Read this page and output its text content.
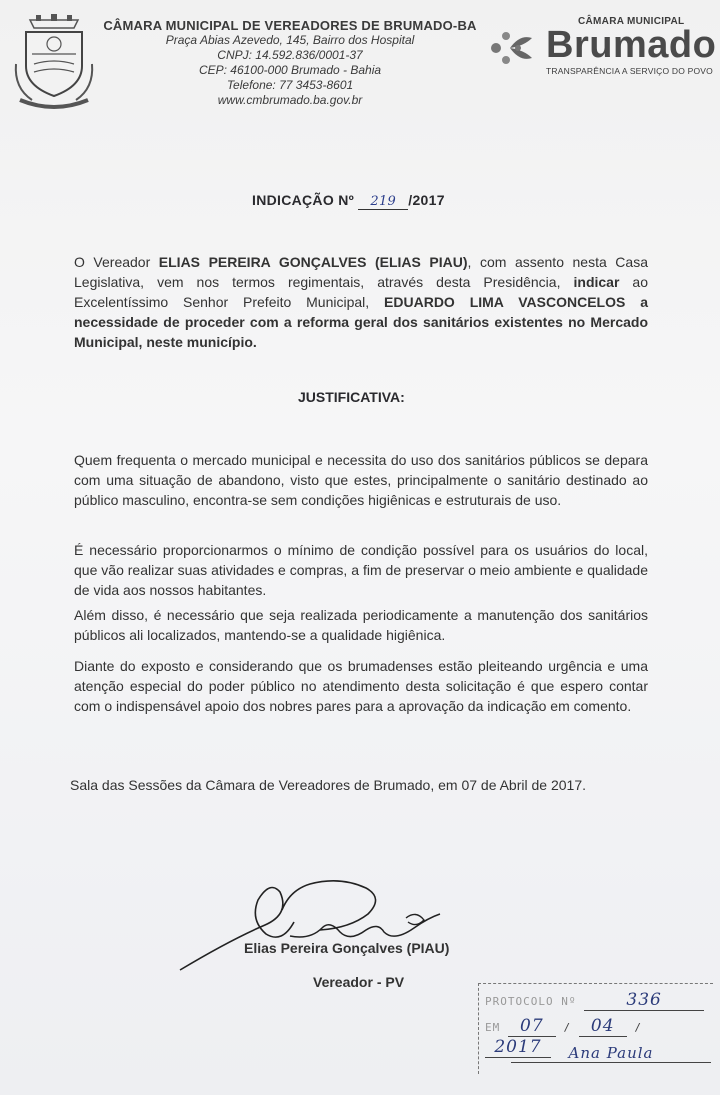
CÂMARA MUNICIPAL DE VEREADORES DE BRUMADO-BA
Praça Abias Azevedo, 145, Bairro dos Hospital
CNPJ: 14.592.836/0001-37
CEP: 46100-000 Brumado - Bahia
Telefone: 77 3453-8601
www.cmbrumado.ba.gov.br
CÂMARA MUNICIPAL
Brumado
TRANSPARÊNCIA A SERVIÇO DO POVO
INDICAÇÃO Nº 219 /2017
O Vereador ELIAS PEREIRA GONÇALVES (ELIAS PIAU), com assento nesta Casa Legislativa, vem nos termos regimentais, através desta Presidência, indicar ao Excelentíssimo Senhor Prefeito Municipal, EDUARDO LIMA VASCONCELOS a necessidade de proceder com a reforma geral dos sanitários existentes no Mercado Municipal, neste município.
JUSTIFICATIVA:
Quem frequenta o mercado municipal e necessita do uso dos sanitários públicos se depara com uma situação de abandono, visto que estes, principalmente o sanitário destinado ao público masculino, encontra-se sem condições higiênicas e estruturais de uso.
É necessário proporcionarmos o mínimo de condição possível para os usuários do local, que vão realizar suas atividades e compras, a fim de preservar o meio ambiente e qualidade de vida aos nossos habitantes.
Além disso, é necessário que seja realizada periodicamente a manutenção dos sanitários públicos ali localizados, mantendo-se a qualidade higiênica.
Diante do exposto e considerando que os brumadenses estão pleiteando urgência e uma atenção especial do poder público no atendimento desta solicitação é que espero contar com o indispensável apoio dos nobres pares para a aprovação da indicação em comento.
Sala das Sessões da Câmara de Vereadores de Brumado, em 07 de Abril de 2017.
Elias Pereira Gonçalves (PIAU)
Vereador - PV
PROTOCOLO Nº	336
EM 07 / 04 / 2017	Ana Paula
